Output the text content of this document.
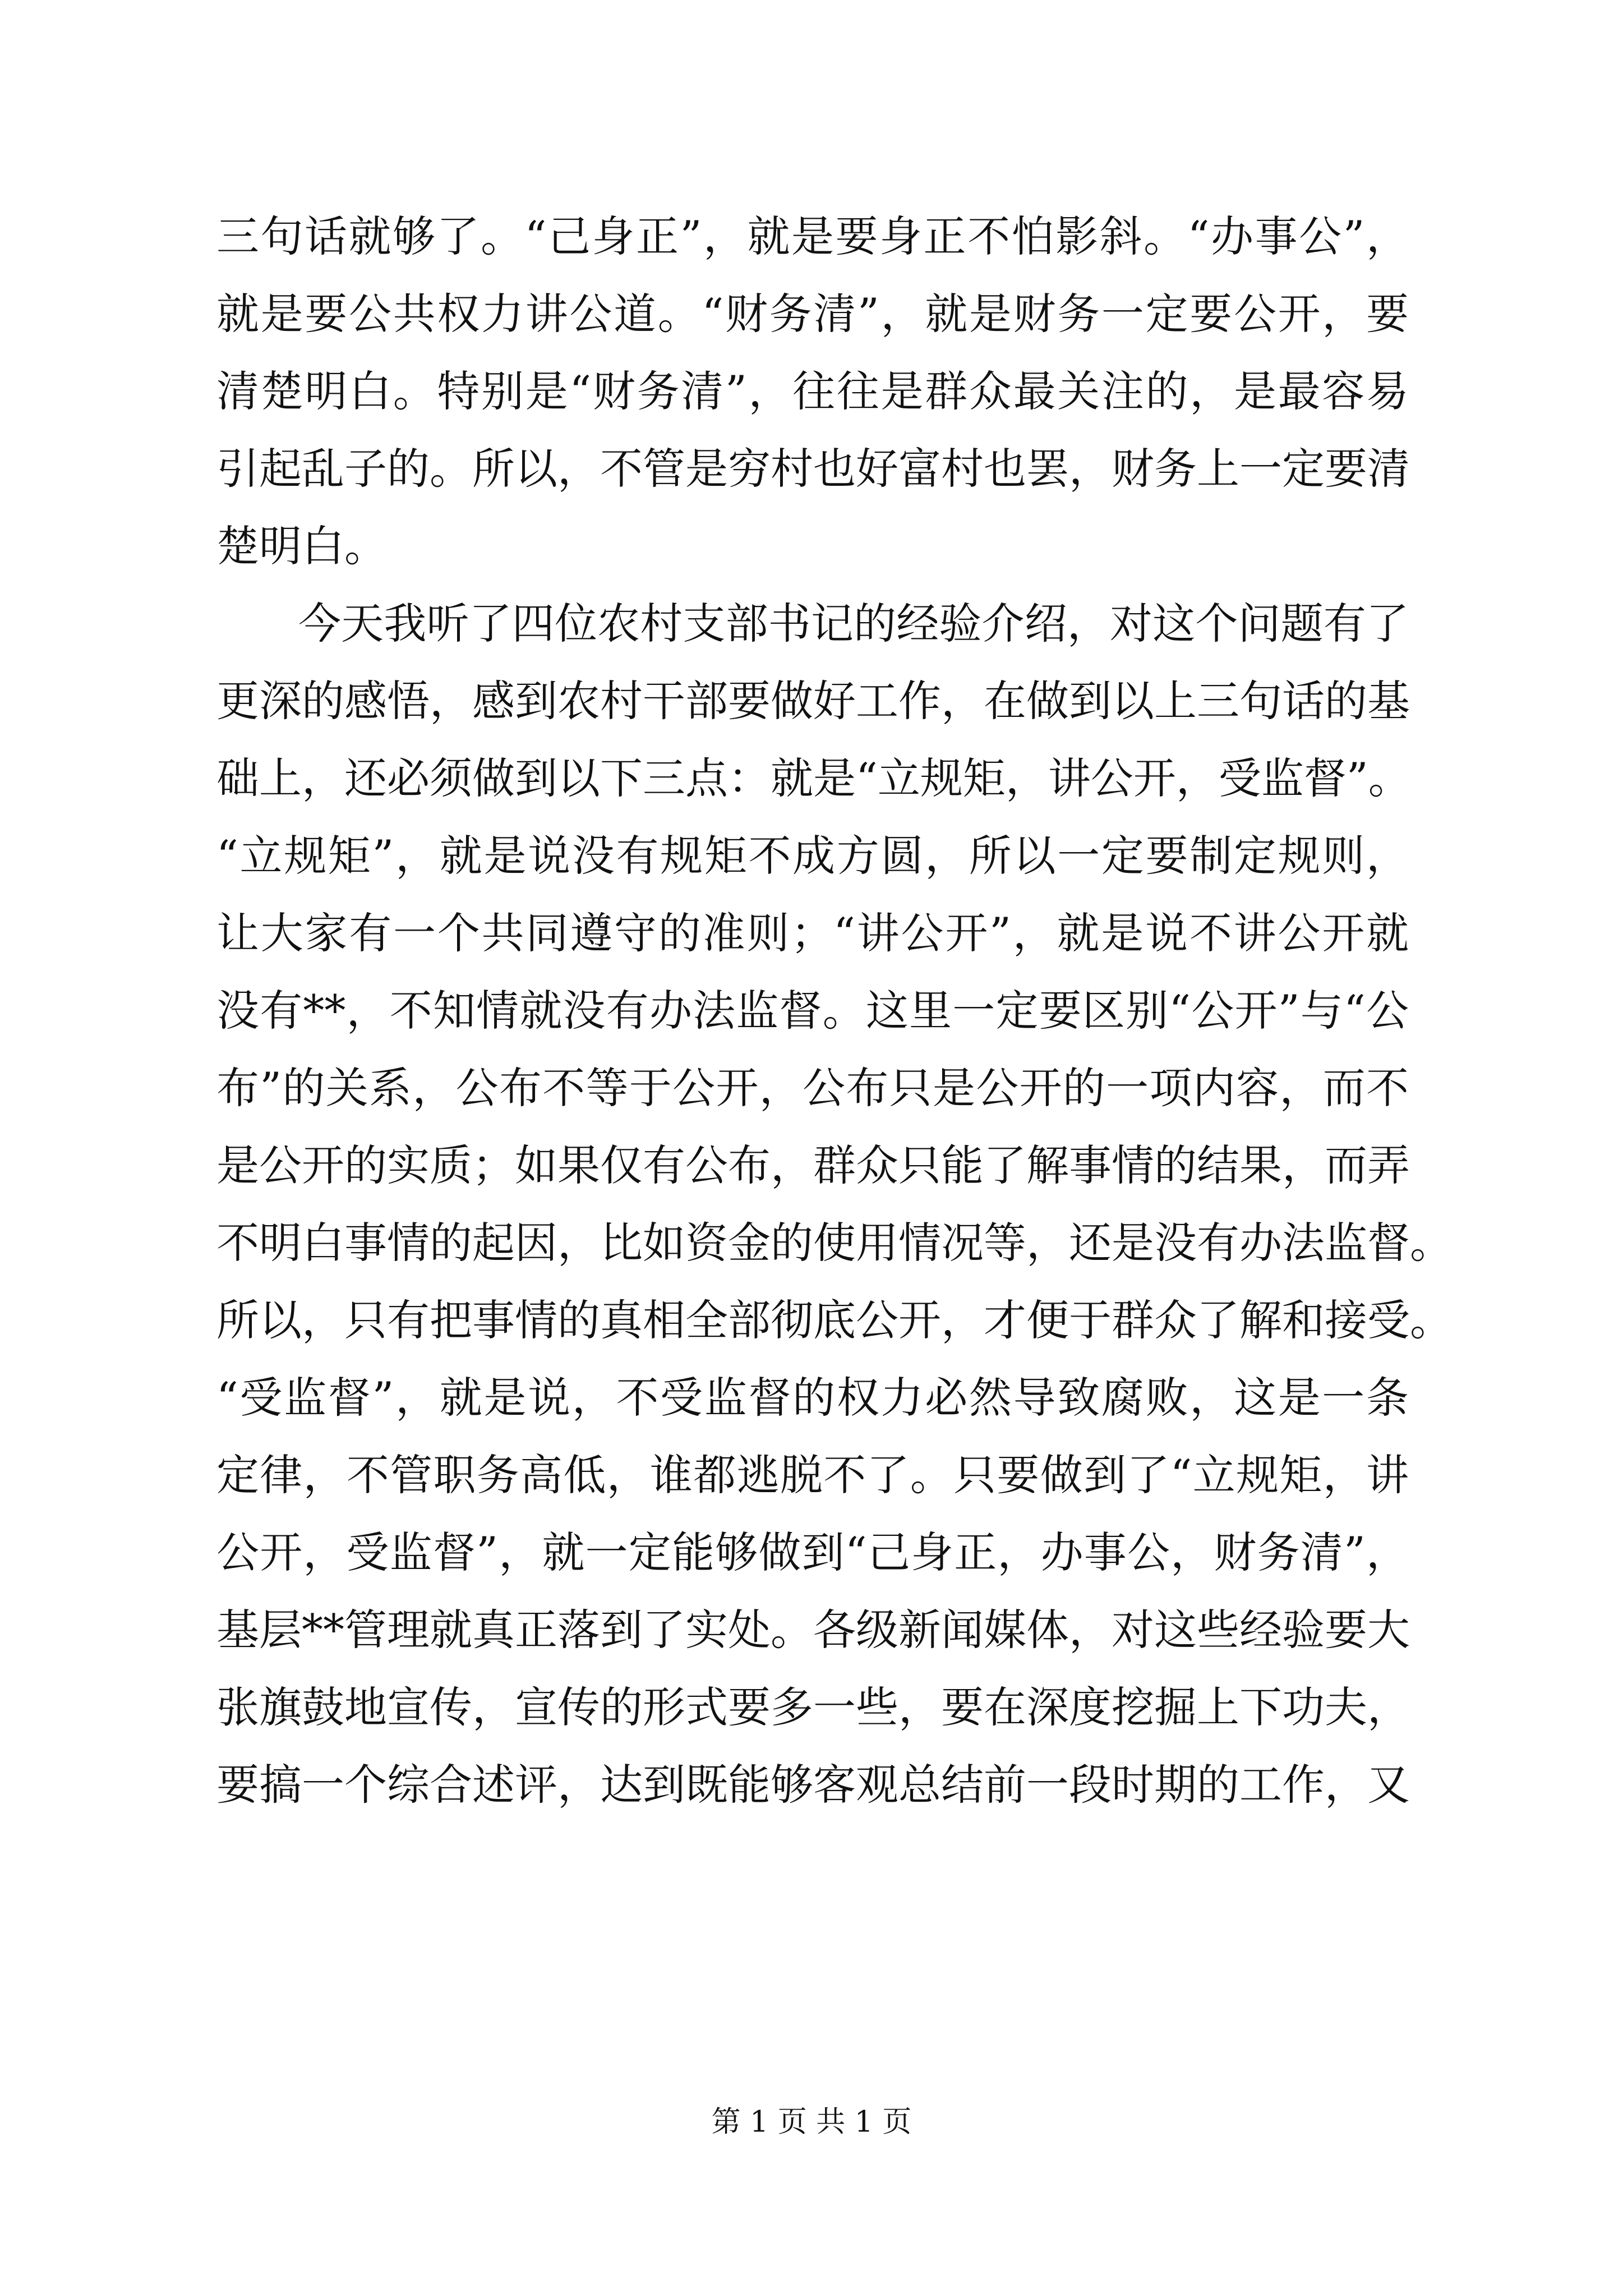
三句话就够了。“己身正”，就是要身正不怕影斜。“办事公”，
就是要公共权力讲公道。“财务清”，就是财务一定要公开，要
清楚明白。特别是“财务清”，往往是群众最关注的，是最容易
引起乱子的。所以，不管是穷村也好富村也罢，财务上一定要清
楚明白。
今天我听了四位农村支部书记的经验介绍，对这个问题有了
更深的感悟，感到农村干部要做好工作，在做到以上三句话的基
础上，还必须做到以下三点：就是“立规矩，讲公开，受监督”。
“立规矩”，就是说没有规矩不成方圆，所以一定要制定规则，
让大家有一个共同遵守的准则；“讲公开”，就是说不讲公开就
没有**，不知情就没有办法监督。这里一定要区别“公开”与“公
布”的关系，公布不等于公开，公布只是公开的一项内容，而不
是公开的实质；如果仅有公布，群众只能了解事情的结果，而弄
不明白事情的起因，比如资金的使用情况等，还是没有办法监督。
所以，只有把事情的真相全部彻底公开，才便于群众了解和接受。
“受监督”，就是说，不受监督的权力必然导致腐败，这是一条
定律，不管职务高低，谁都逃脱不了。只要做到了“立规矩，讲
公开，受监督”，就一定能够做到“己身正，办事公，财务清”，
基层**管理就真正落到了实处。各级新闻媒体，对这些经验要大
张旗鼓地宣传，宣传的形式要多一些，要在深度挖掘上下功夫，
要搞一个综合述评，达到既能够客观总结前一段时期的工作，又
第 1 页 共 1 页
